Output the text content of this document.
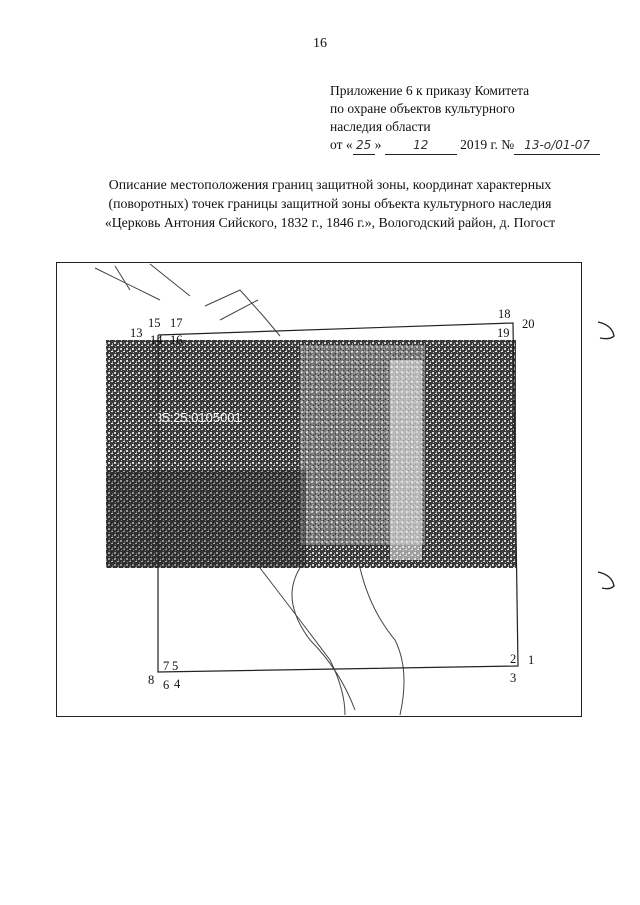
16
Приложение 6 к приказу Комитета
по охране объектов культурного
наследия области
от « 25 »	12 2019 г. № 13-о/01-07
Описание местоположения границ защитной зоны, координат характерных
(поворотных) точек границы защитной зоны объекта культурного наследия
«Церковь Антония Сийского, 1832 г., 1846 г.», Вологодский район, д. Погост
35:25:0105001
13
15 17
14 16
18
19
20
2 1
3
8
7 5
6 4
